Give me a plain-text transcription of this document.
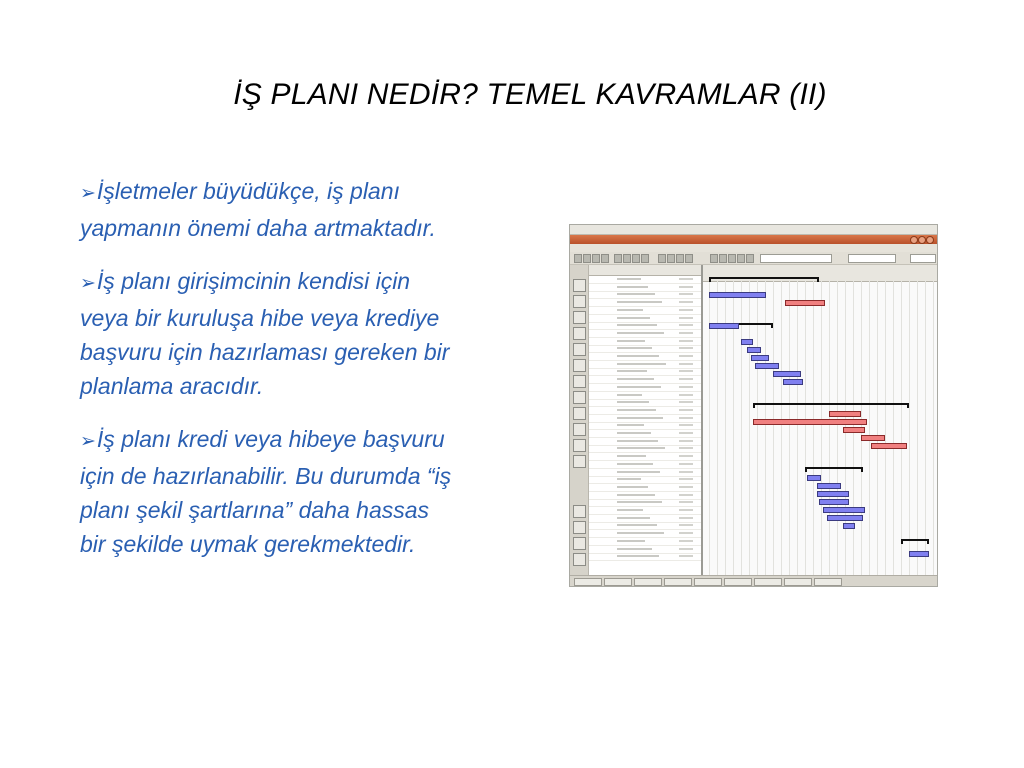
İŞ PLANI NEDİR? TEMEL KAVRAMLAR (II)

➢İşletmeler büyüdükçe, iş planı yapmanın önemi daha artmaktadır.

➢İş planı girişimcinin kendisi için veya bir kuruluşa hibe veya krediye başvuru için hazırlaması gereken bir planlama aracıdır.

➢İş planı kredi veya hibeye başvuru için de hazırlanabilir. Bu durumda “iş planı şekil şartlarına” daha hassas bir şekilde uymak gerekmektedir.
